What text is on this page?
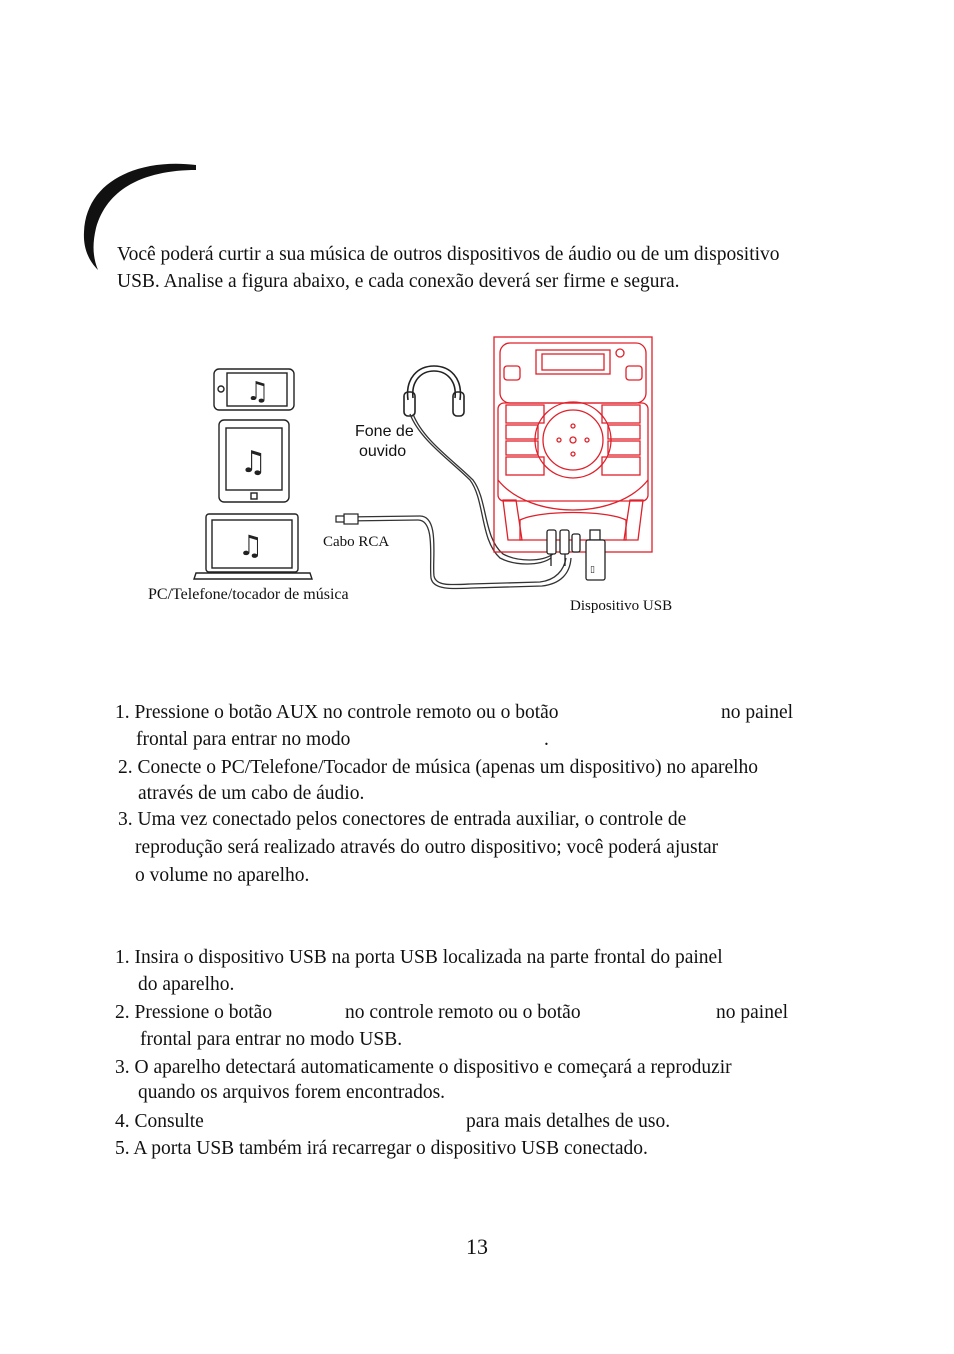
Você poderá curtir a sua música de outros dispositivos de áudio ou de um dispositivo
USB. Analise a figura abaixo, e cada conexão deverá ser firme e segura.
♫
♫
♫
▯
Fone de
ouvido
Cabo RCA
PC/Telefone/tocador de música
Dispositivo USB
1. Pressione o botão AUX no controle remoto ou o botão	no painel
frontal para entrar no modo	.
2. Conecte o PC/Telefone/Tocador de música (apenas um dispositivo) no aparelho
através de um cabo de áudio.
3. Uma vez conectado pelos conectores de entrada auxiliar, o controle de
reprodução será realizado através do outro dispositivo; você poderá ajustar
o volume no aparelho.
1. Insira o dispositivo USB na porta USB localizada na parte frontal do painel
do aparelho.
2. Pressione o botão	no controle remoto ou o botão	no painel
frontal para entrar no modo USB.
3. O aparelho detectará automaticamente o dispositivo e começará a reproduzir
quando os arquivos forem encontrados.
4. Consulte	para mais detalhes de uso.
5. A porta USB também irá recarregar o dispositivo USB conectado.
13
